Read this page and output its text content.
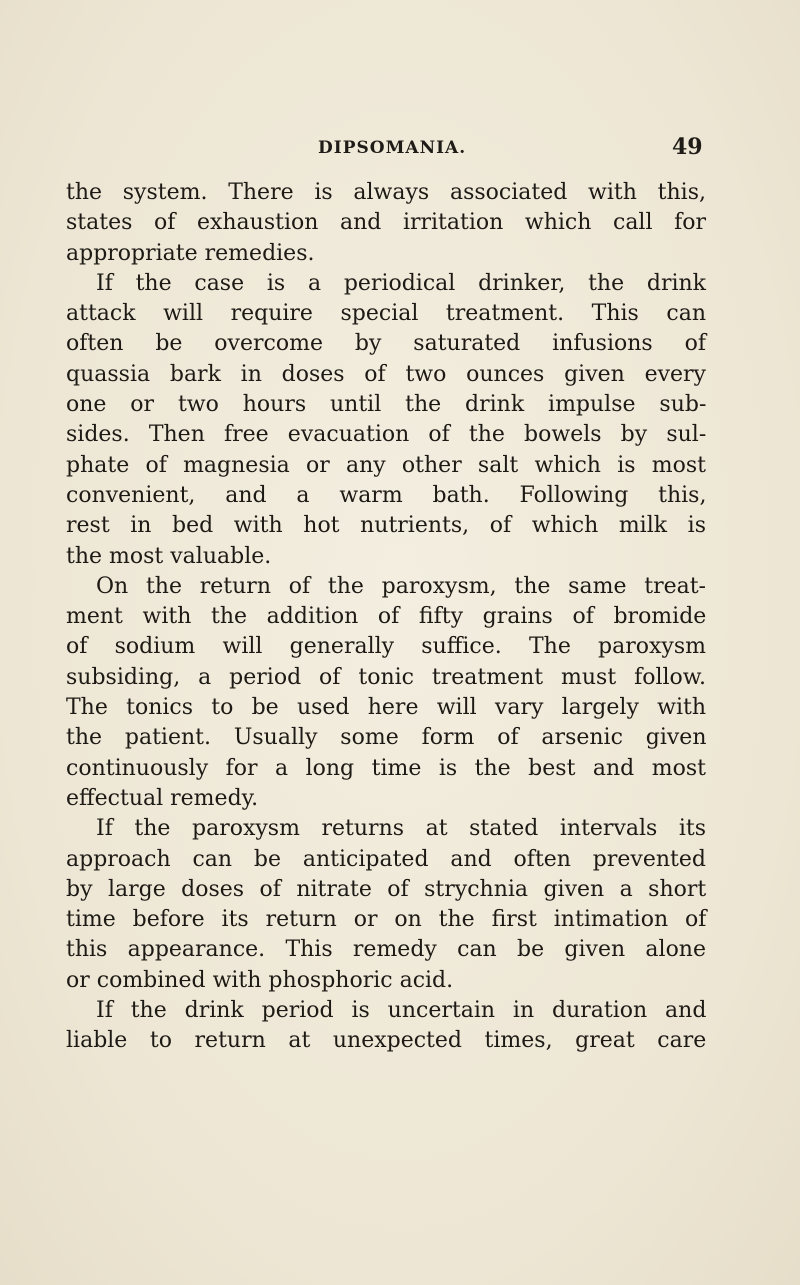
DIPSOMANIA.	49
the system. There is always associated with this,
states of exhaustion and irritation which call for
appropriate remedies.
If the case is a periodical drinker, the drink
attack will require special treatment. This can
often be overcome by saturated infusions of
quassia bark in doses of two ounces given every
one or two hours until the drink impulse sub-
sides. Then free evacuation of the bowels by sul-
phate of magnesia or any other salt which is most
convenient, and a warm bath. Following this,
rest in bed with hot nutrients, of which milk is
the most valuable.
On the return of the paroxysm, the same treat-
ment with the addition of fifty grains of bromide
of sodium will generally suffice. The paroxysm
subsiding, a period of tonic treatment must follow.
The tonics to be used here will vary largely with
the patient. Usually some form of arsenic given
continuously for a long time is the best and most
effectual remedy.
If the paroxysm returns at stated intervals its
approach can be anticipated and often prevented
by large doses of nitrate of strychnia given a short
time before its return or on the first intimation of
this appearance. This remedy can be given alone
or combined with phosphoric acid.
If the drink period is uncertain in duration and
liable to return at unexpected times, great care
